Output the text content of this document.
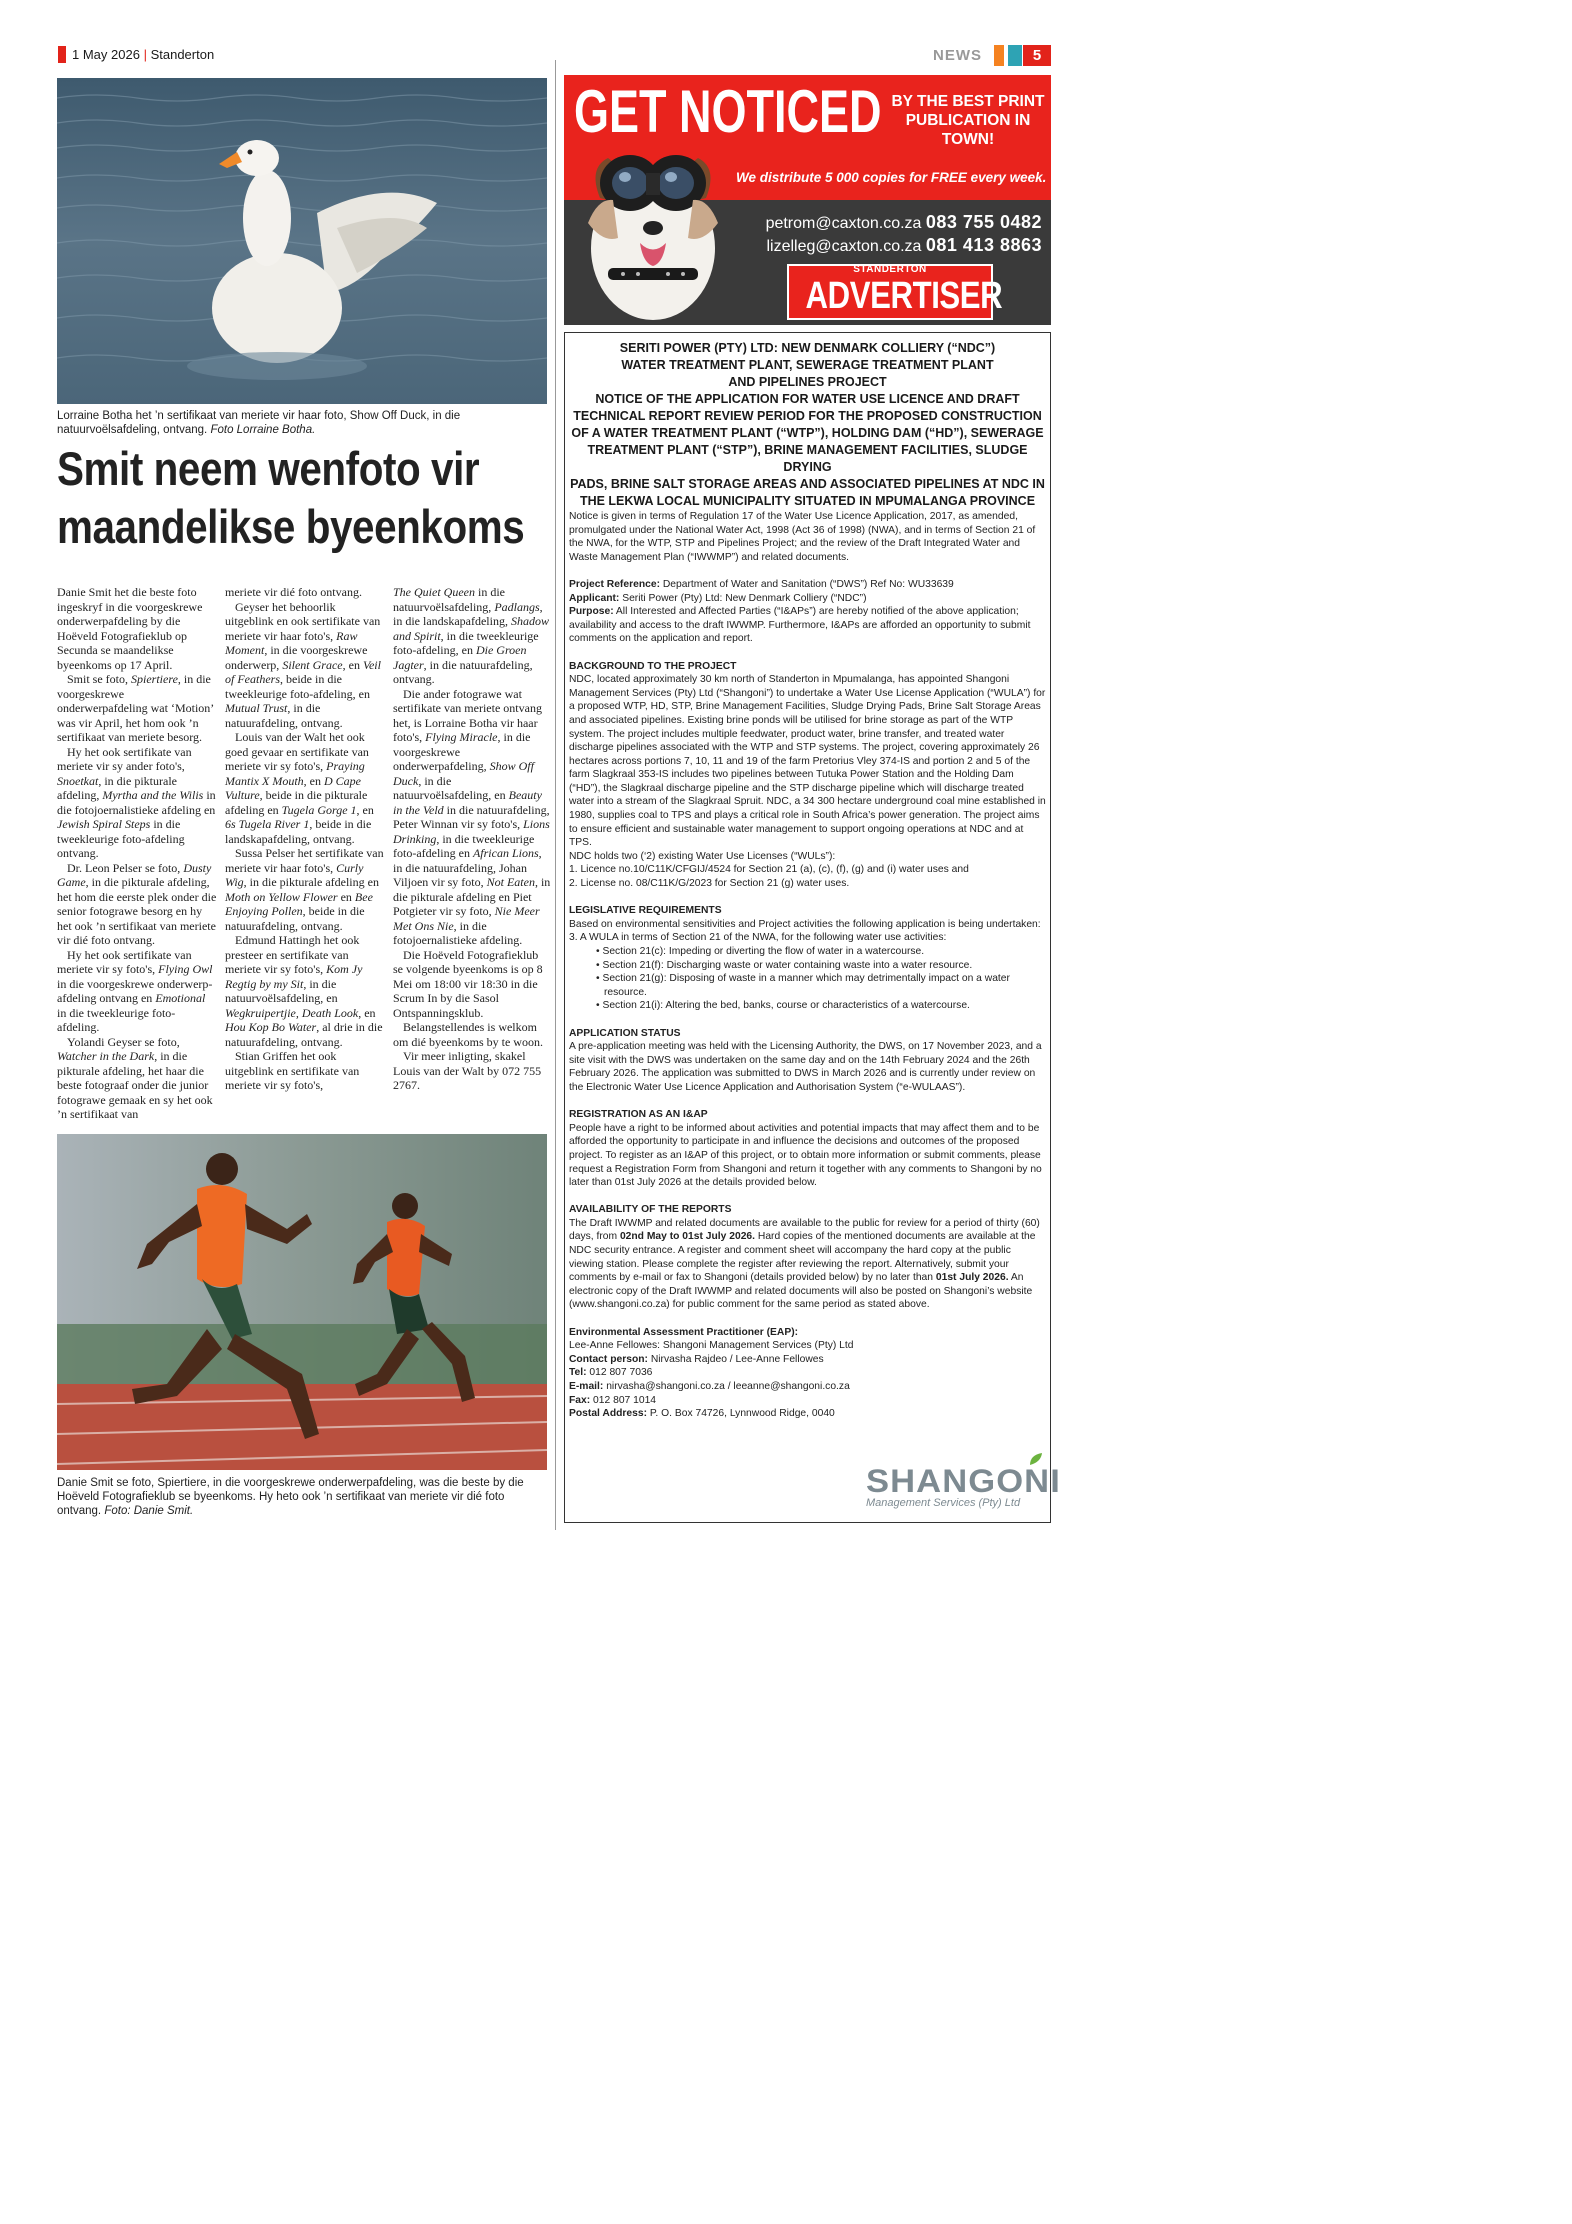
1 May 2026 | Standerton	NEWS	5
Lorraine Botha het ’n sertifikaat van meriete vir haar foto, Show Off Duck, in die natuurvoëlsafdeling, ontvang. Foto Lorraine Botha.
Smit neem wenfoto vir
maandelikse byeenkoms
Danie Smit het die beste foto ingeskryf in die voorgeskrewe onderwerpafdeling by die Hoëveld Fotografieklub op Secunda se maandelikse byeenkoms op 17 April.
Smit se foto, Spiertiere, in die voorgeskrewe onderwerpafdeling wat ‘Motion’ was vir April, het hom ook ’n sertifikaat van meriete besorg.
Hy het ook sertifikate van meriete vir sy ander foto's, Snoetkat, in die pikturale afdeling, Myrtha and the Wilis in die fotojoernalistieke afdeling en Jewish Spiral Steps in die tweekleurige foto-afdeling ontvang.
Dr. Leon Pelser se foto, Dusty Game, in die pikturale afdeling, het hom die eerste plek onder die senior fotograwe besorg en hy het ook ’n sertifikaat van meriete vir dié foto ontvang.
Hy het ook sertifikate van meriete vir sy foto's, Flying Owl in die voorgeskrewe onderwerp-afdeling ontvang en Emotional in die tweekleurige foto-afdeling.
Yolandi Geyser se foto, Watcher in the Dark, in die pikturale afdeling, het haar die beste fotograaf onder die junior fotograwe gemaak en sy het ook ’n sertifikaat van
meriete vir dié foto ontvang.
Geyser het behoorlik uitgeblink en ook sertifikate van meriete vir haar foto's, Raw Moment, in die voorgeskrewe onderwerp, Silent Grace, en Veil of Feathers, beide in die tweekleurige foto-afdeling, en Mutual Trust, in die natuurafdeling, ontvang.
Louis van der Walt het ook goed gevaar en sertifikate van meriete vir sy foto's, Praying Mantix X Mouth, en D Cape Vulture, beide in die pikturale afdeling en Tugela Gorge 1, en 6s Tugela River 1, beide in die landskapafdeling, ontvang.
Sussa Pelser het sertifikate van meriete vir haar foto's, Curly Wig, in die pikturale afdeling en Moth on Yellow Flower en Bee Enjoying Pollen, beide in die natuurafdeling, ontvang.
Edmund Hattingh het ook presteer en sertifikate van meriete vir sy foto's, Kom Jy Regtig by my Sit, in die natuurvoëlsafdeling, en Wegkruipertjie, Death Look, en Hou Kop Bo Water, al drie in die natuurafdeling, ontvang.
Stian Griffen het ook uitgeblink en sertifikate van meriete vir sy foto's,
The Quiet Queen in die natuurvoëlsafdeling, Padlangs, in die landskapafdeling, Shadow and Spirit, in die tweekleurige foto-afdeling, en Die Groen Jagter, in die natuurafdeling, ontvang.
Die ander fotograwe wat sertifikate van meriete ontvang het, is Lorraine Botha vir haar foto's, Flying Miracle, in die voorgeskrewe onderwerpafdeling, Show Off Duck, in die natuurvoëlsafdeling, en Beauty in the Veld in die natuurafdeling, Peter Winnan vir sy foto's, Lions Drinking, in die tweekleurige foto-afdeling en African Lions, in die natuurafdeling, Johan Viljoen vir sy foto, Not Eaten, in die pikturale afdeling en Piet Potgieter vir sy foto, Nie Meer Met Ons Nie, in die fotojoernalistieke afdeling.
Die Hoëveld Fotografieklub se volgende byeenkoms is op 8 Mei om 18:00 vir 18:30 in die Scrum In by die Sasol Ontspanningsklub.
Belangstellendes is welkom om dié byeenkoms by te woon.
Vir meer inligting, skakel Louis van der Walt by 072 755 2767.
Danie Smit se foto, Spiertiere, in die voorgeskrewe onderwerpafdeling, was die beste by die Hoëveld Fotografieklub se byeenkoms. Hy heto ook ’n sertifikaat van meriete vir dié foto ontvang. Foto: Danie Smit.
GET NOTICED BY THE BEST PRINT
PUBLICATION IN
TOWN!
We distribute 5 000 copies for FREE every week.
petrom@caxton.co.za 083 755 0482
lizelleg@caxton.co.za 081 413 8863
STANDERTON
ADVERTISER
SERITI POWER (PTY) LTD: NEW DENMARK COLLIERY (“NDC”)
WATER TREATMENT PLANT, SEWERAGE TREATMENT PLANT
AND PIPELINES PROJECT
NOTICE OF THE APPLICATION FOR WATER USE LICENCE AND DRAFT
TECHNICAL REPORT REVIEW PERIOD FOR THE PROPOSED CONSTRUCTION
OF A WATER TREATMENT PLANT (“WTP”), HOLDING DAM (“HD”), SEWERAGE
TREATMENT PLANT (“STP”), BRINE MANAGEMENT FACILITIES, SLUDGE DRYING
PADS, BRINE SALT STORAGE AREAS AND ASSOCIATED PIPELINES AT NDC IN
THE LEKWA LOCAL MUNICIPALITY SITUATED IN MPUMALANGA PROVINCE

Notice is given in terms of Regulation 17 of the Water Use Licence Application, 2017, as amended, promulgated under the National Water Act, 1998 (Act 36 of 1998) (NWA), and in terms of Section 21 of the NWA, for the WTP, STP and Pipelines Project; and the review of the Draft Integrated Water and Waste Management Plan (“IWWMP”) and related documents.

Project Reference: Department of Water and Sanitation (“DWS”) Ref No: WU33639

Applicant: Seriti Power (Pty) Ltd: New Denmark Colliery (“NDC”)

Purpose: All Interested and Affected Parties (“I&APs”) are hereby notified of the above application; availability and access to the draft IWWMP. Furthermore, I&APs are afforded an opportunity to submit comments on the application and report.

BACKGROUND TO THE PROJECT

NDC, located approximately 30 km north of Standerton in Mpumalanga, has appointed Shangoni Management Services (Pty) Ltd (“Shangoni”) to undertake a Water Use License Application (“WULA”) for a proposed WTP, HD, STP, Brine Management Facilities, Sludge Drying Pads, Brine Salt Storage Areas and associated pipelines. Existing brine ponds will be utilised for brine storage as part of the WTP system. The project includes multiple feedwater, product water, brine transfer, and treated water discharge pipelines associated with the WTP and STP systems. The project, covering approximately 26 hectares across portions 7, 10, 11 and 19 of the farm Pretorius Vley 374-IS and portion 2 and 5 of the farm Slagkraal 353-IS includes two pipelines between Tutuka Power Station and the Holding Dam (“HD”), the Slagkraal discharge pipeline and the STP discharge pipeline which will discharge treated water into a stream of the Slagkraal Spruit. NDC, a 34 300 hectare underground coal mine established in 1980, supplies coal to TPS and plays a critical role in South Africa’s power generation. The project aims to ensure efficient and sustainable water management to support ongoing operations at NDC and at TPS.

NDC holds two (‘2) existing Water Use Licenses (“WULs”):

1. Licence no.10/C11K/CFGIJ/4524 for Section 21 (a), (c), (f), (g) and (i) water uses and

2. License no. 08/C11K/G/2023 for Section 21 (g) water uses.

LEGISLATIVE REQUIREMENTS

Based on environmental sensitivities and Project activities the following application is being undertaken:

3. A WULA in terms of Section 21 of the NWA, for the following water use activities:

• Section 21(c): Impeding or diverting the flow of water in a watercourse.
• Section 21(f): Discharging waste or water containing waste into a water resource.
• Section 21(g): Disposing of waste in a manner which may detrimentally impact on a water resource.
• Section 21(i): Altering the bed, banks, course or characteristics of a watercourse.

APPLICATION STATUS

A pre-application meeting was held with the Licensing Authority, the DWS, on 17 November 2023, and a site visit with the DWS was undertaken on the same day and on the 14th February 2024 and the 26th February 2026. The application was submitted to DWS in March 2026 and is currently under review on the Electronic Water Use Licence Application and Authorisation System (“e-WULAAS”).

REGISTRATION AS AN I&AP

People have a right to be informed about activities and potential impacts that may affect them and to be afforded the opportunity to participate in and influence the decisions and outcomes of the proposed project. To register as an I&AP of this project, or to obtain more information or submit comments, please request a Registration Form from Shangoni and return it together with any comments to Shangoni by no later than 01st July 2026 at the details provided below.

AVAILABILITY OF THE REPORTS

The Draft IWWMP and related documents are available to the public for review for a period of thirty (60) days, from 02nd May to 01st July 2026. Hard copies of the mentioned documents are available at the NDC security entrance. A register and comment sheet will accompany the hard copy at the public viewing station. Please complete the register after reviewing the report. Alternatively, submit your comments by e-mail or fax to Shangoni (details provided below) by no later than 01st July 2026. An electronic copy of the Draft IWWMP and related documents will also be posted on Shangoni’s website (www.shangoni.co.za) for public comment for the same period as stated above.

Environmental Assessment Practitioner (EAP):

Lee-Anne Fellowes: Shangoni Management Services (Pty) Ltd

Contact person: Nirvasha Rajdeo / Lee-Anne Fellowes

Tel: 012 807 7036

E-mail: nirvasha@shangoni.co.za / leeanne@shangoni.co.za

Fax: 012 807 1014

Postal Address: P. O. Box 74726, Lynnwood Ridge, 0040

SHANGONI
Management Services (Pty) Ltd
